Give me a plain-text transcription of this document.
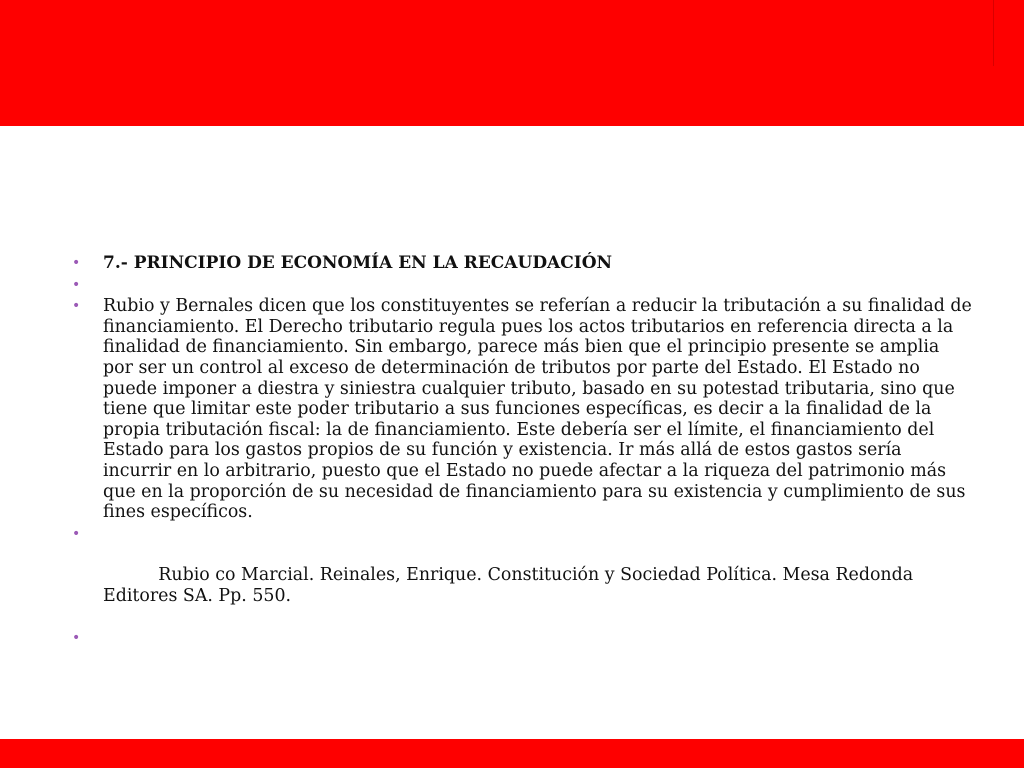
• 7.- PRINCIPIO DE ECONOMÍA EN LA RECAUDACIÓN
•
• Rubio y Bernales dicen que los constituyentes se referían a reducir la tributación a su finalidad de financiamiento. El Derecho tributario regula pues los actos tributarios en referencia directa a la finalidad de financiamiento. Sin embargo, parece más bien que el principio presente se amplia por ser un control al exceso de determinación de tributos por parte del Estado. El Estado no puede imponer a diestra y siniestra cualquier tributo, basado en su potestad tributaria, sino que tiene que limitar este poder tributario a sus funciones específicas, es decir a la finalidad de la propia tributación fiscal: la de financiamiento. Este debería ser el límite, el financiamiento del Estado para los gastos propios de su función y existencia. Ir más allá de estos gastos sería incurrir en lo arbitrario, puesto que el Estado no puede afectar a la riqueza del patrimonio más que en la proporción de su necesidad de financiamiento para su existencia y cumplimiento de sus fines específicos.

•

Rubio co Marcial. Reinales, Enrique. Constitución y Sociedad Política. Mesa Redonda Editores SA. Pp. 550.

•
